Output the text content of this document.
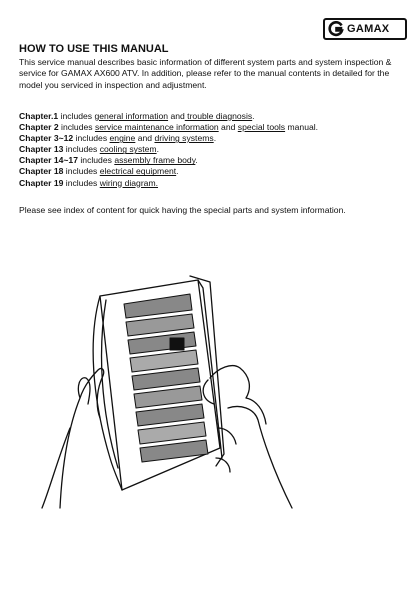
GAMAX
HOW TO USE THIS MANUAL
This service manual describes basic information of different system parts and system inspection & service for GAMAX AX600 ATV. In addition, please refer to the manual contents in detailed for the model you serviced in inspection and adjustment.
Chapter.1 includes general information and trouble diagnosis.
Chapter 2 includes service maintenance information and special tools manual.
Chapter 3~12 includes engine and driving systems.
Chapter 13 includes cooling system.
Chapter 14~17 includes assembly frame body.
Chapter 18 includes electrical equipment.
Chapter 19 includes wiring diagram.
Please see index of content for quick having the special parts and system information.
